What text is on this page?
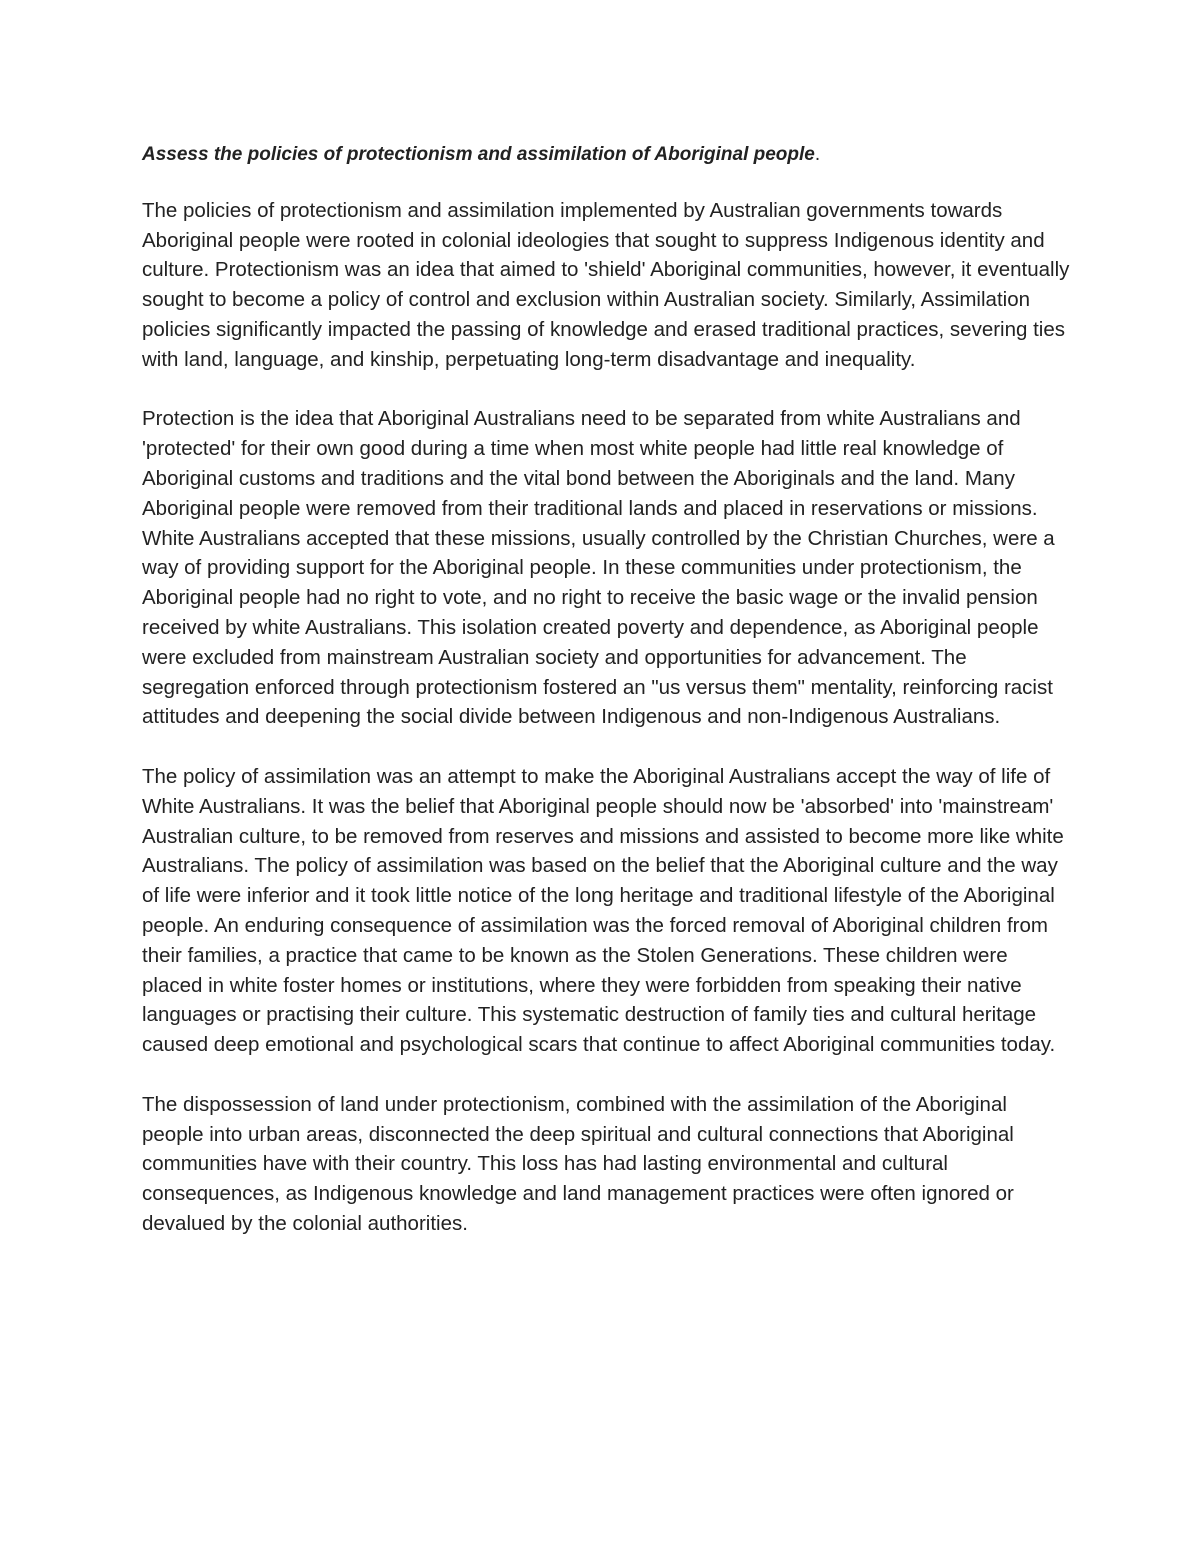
Assess the policies of protectionism and assimilation of Aboriginal people.

The policies of protectionism and assimilation implemented by Australian governments towards Aboriginal people were rooted in colonial ideologies that sought to suppress Indigenous identity and culture. Protectionism was an idea that aimed to 'shield' Aboriginal communities, however, it eventually sought to become a policy of control and exclusion within Australian society. Similarly, Assimilation policies significantly impacted the passing of knowledge and erased traditional practices, severing ties with land, language, and kinship, perpetuating long-term disadvantage and inequality.

Protection is the idea that Aboriginal Australians need to be separated from white Australians and 'protected' for their own good during a time when most white people had little real knowledge of Aboriginal customs and traditions and the vital bond between the Aboriginals and the land. Many Aboriginal people were removed from their traditional lands and placed in reservations or missions. White Australians accepted that these missions, usually controlled by the Christian Churches, were a way of providing support for the Aboriginal people. In these communities under protectionism, the Aboriginal people had no right to vote, and no right to receive the basic wage or the invalid pension received by white Australians. This isolation created poverty and dependence, as Aboriginal people were excluded from mainstream Australian society and opportunities for advancement. The segregation enforced through protectionism fostered an "us versus them" mentality, reinforcing racist attitudes and deepening the social divide between Indigenous and non-Indigenous Australians.

The policy of assimilation was an attempt to make the Aboriginal Australians accept the way of life of White Australians. It was the belief that Aboriginal people should now be 'absorbed' into 'mainstream' Australian culture, to be removed from reserves and missions and assisted to become more like white Australians. The policy of assimilation was based on the belief that the Aboriginal culture and the way of life were inferior and it took little notice of the long heritage and traditional lifestyle of the Aboriginal people. An enduring consequence of assimilation was the forced removal of Aboriginal children from their families, a practice that came to be known as the Stolen Generations. These children were placed in white foster homes or institutions, where they were forbidden from speaking their native languages or practising their culture. This systematic destruction of family ties and cultural heritage caused deep emotional and psychological scars that continue to affect Aboriginal communities today.

The dispossession of land under protectionism, combined with the assimilation of the Aboriginal people into urban areas, disconnected the deep spiritual and cultural connections that Aboriginal communities have with their country. This loss has had lasting environmental and cultural consequences, as Indigenous knowledge and land management practices were often ignored or devalued by the colonial authorities.
